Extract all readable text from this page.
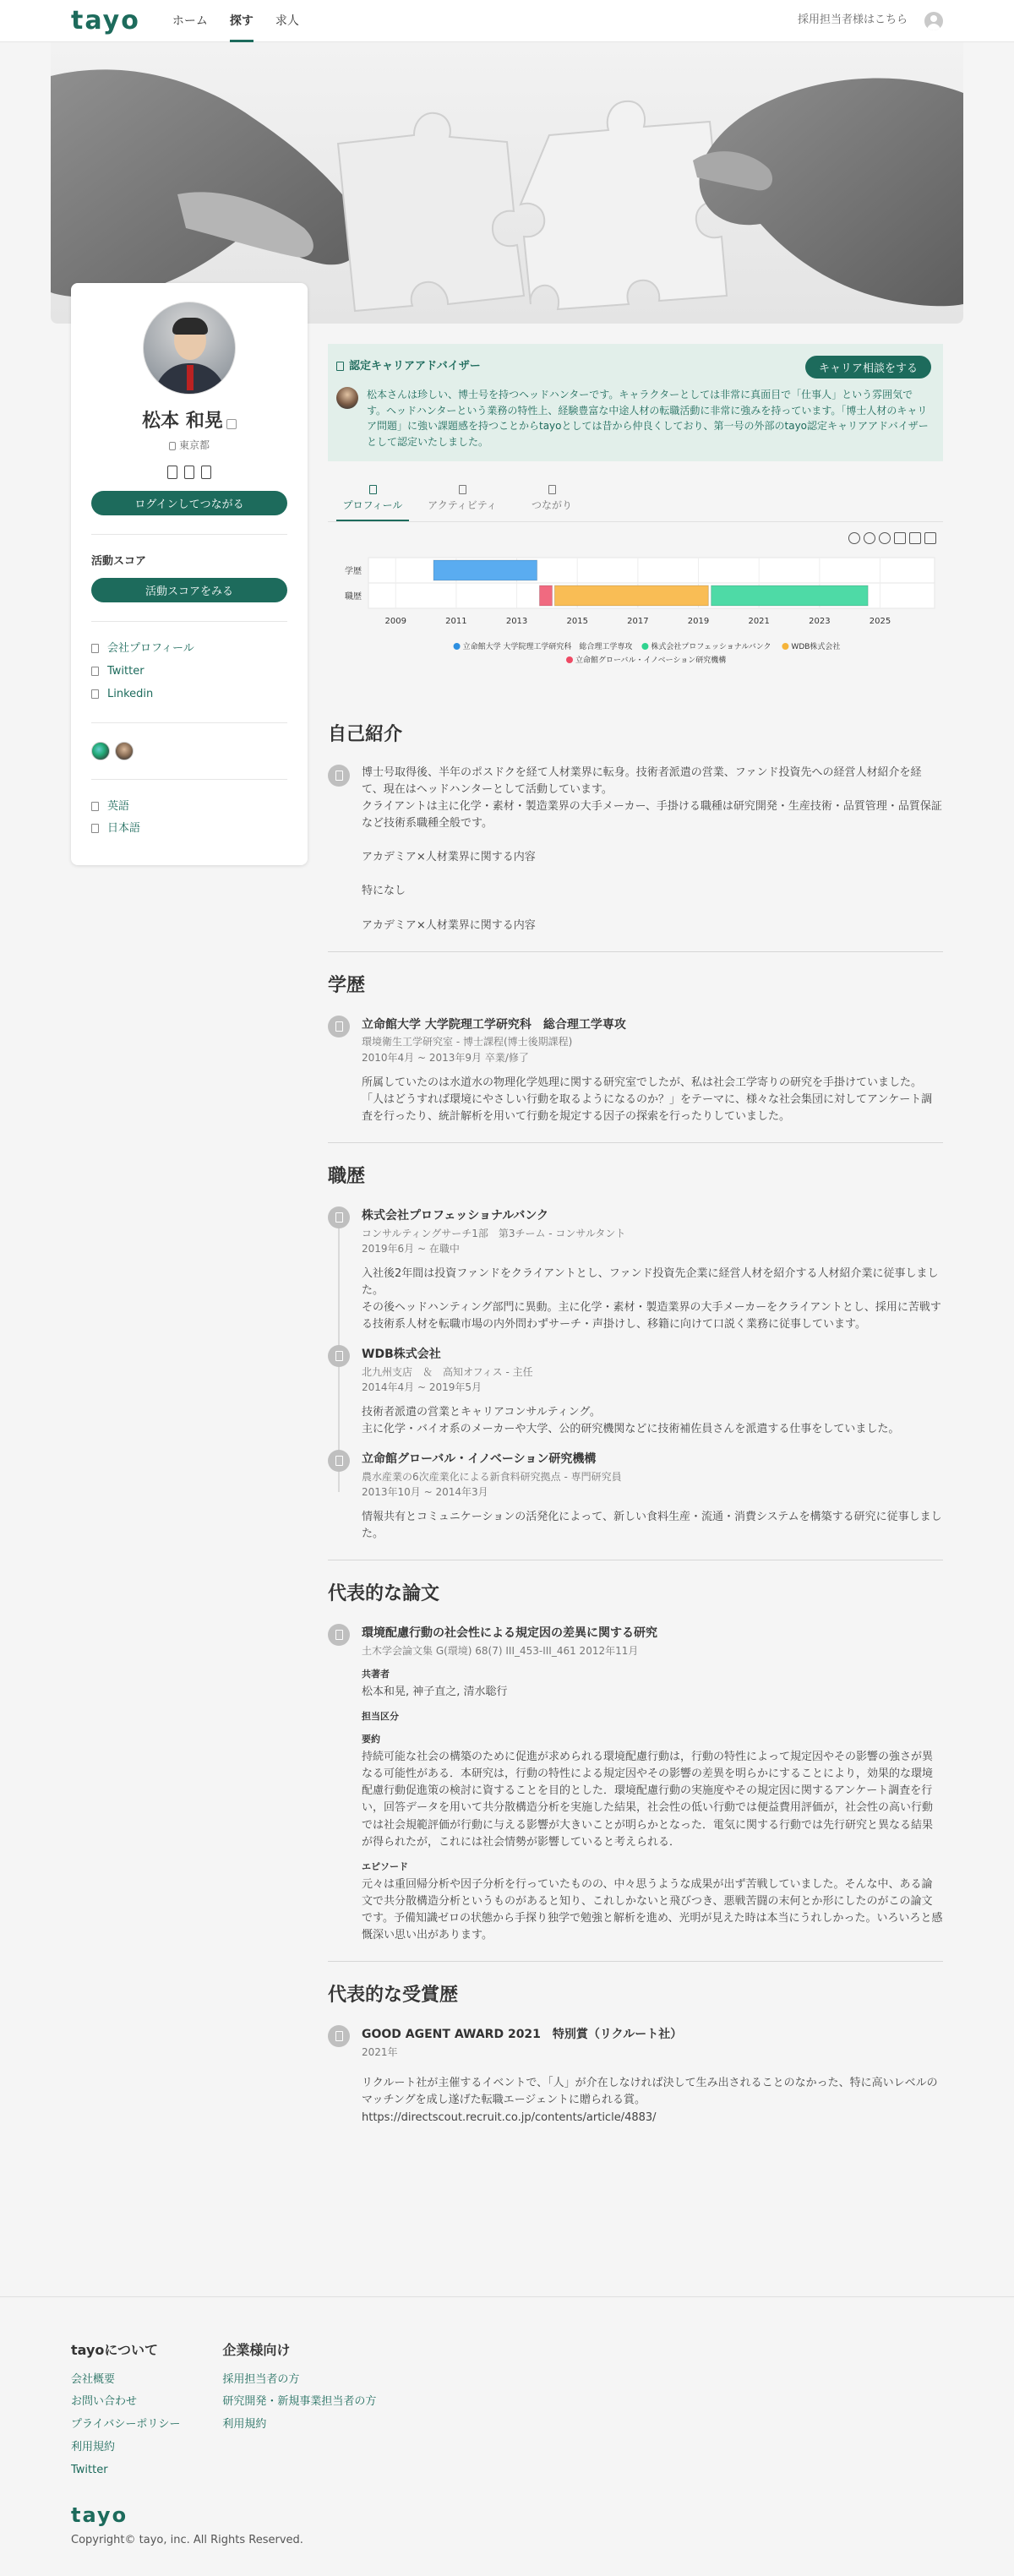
tayo	ホーム 探す 求人	採用担当者様はこちら
松本 和晃
東京都
ログインしてつながる
活動スコア
活動スコアをみる
会社プロフィール
Twitter
Linkedin
英語
日本語
認定キャリアアドバイザー	キャリア相談をする

松本さんは珍しい、博士号を持つヘッドハンターです。キャラクターとしては非常に真面目で「仕事人」という雰囲気です。ヘッドハンターという業務の特性上、経験豊富な中途人材の転職活動に非常に強みを持っています。「博士人材のキャリア問題」に強い課題感を持つことからtayoとしては昔から仲良くしており、第一号の外部のtayo認定キャリアアドバイザーとして認定いたしました。

プロフィール	アクティビティ	つながり
学歴
職歴
2009	2011	2013	2015	2017	2019	2021	2023	2025
立命館大学 大学院理工学研究科　総合理工学専攻 株式会社プロフェッショナルバンク	WDB株式会社
立命館グローバル・イノベーション研究機構
自己紹介

博士号取得後、半年のポスドクを経て人材業界に転身。技術者派遣の営業、ファンド投資先への経営人材紹介を経て、現在はヘッドハンターとして活動しています。
クライアントは主に化学・素材・製造業界の大手メーカー、手掛ける職種は研究開発・生産技術・品質管理・品質保証など技術系職種全般です。

アカデミア×人材業界に関する内容

特になし

アカデミア×人材業界に関する内容

学歴
立命館大学 大学院理工学研究科　総合理工学専攻
環境衛生工学研究室 - 博士課程(博士後期課程)
2010年4月 ~ 2013年9月 卒業/修了

所属していたのは水道水の物理化学処理に関する研究室でしたが、私は社会工学寄りの研究を手掛けていました。
「人はどうすれば環境にやさしい行動を取るようになるのか？」をテーマに、様々な社会集団に対してアンケート調査を行ったり、統計解析を用いて行動を規定する因子の探索を行ったりしていました。

職歴
株式会社プロフェッショナルバンク
コンサルティングサーチ1部　第3チーム - コンサルタント
2019年6月 ~ 在職中

入社後2年間は投資ファンドをクライアントとし、ファンド投資先企業に経営人材を紹介する人材紹介業に従事しました。
その後ヘッドハンティング部門に異動。主に化学・素材・製造業界の大手メーカーをクライアントとし、採用に苦戦する技術系人材を転職市場の内外問わずサーチ・声掛けし、移籍に向けて口説く業務に従事しています。

WDB株式会社
北九州支店　＆　高知オフィス - 主任
2014年4月 ~ 2019年5月

技術者派遣の営業とキャリアコンサルティング。
主に化学・バイオ系のメーカーや大学、公的研究機関などに技術補佐員さんを派遣する仕事をしていました。

立命館グローバル・イノベーション研究機構
農水産業の6次産業化による新食料研究拠点 - 専門研究員
2013年10月 ~ 2014年3月

情報共有とコミュニケーションの活発化によって、新しい食料生産・流通・消費システムを構築する研究に従事しました。

代表的な論文
環境配慮行動の社会性による規定因の差異に関する研究
土木学会論文集 G(環境) 68(7) III_453-III_461 2012年11月
共著者
松本和晃, 神子直之, 清水聡行
担当区分
要約

持続可能な社会の構築のために促進が求められる環境配慮行動は，行動の特性によって規定因やその影響の強さが異なる可能性がある．本研究は，行動の特性による規定因やその影響の差異を明らかにすることにより，効果的な環境配慮行動促進策の検討に資することを目的とした．環境配慮行動の実施度やその規定因に関するアンケート調査を行い，回答データを用いて共分散構造分析を実施した結果，社会性の低い行動では便益費用評価が，社会性の高い行動では社会規範評価が行動に与える影響が大きいことが明らかとなった．電気に関する行動では先行研究と異なる結果が得られたが，これには社会情勢が影響していると考えられる．

エピソード

元々は重回帰分析や因子分析を行っていたものの、中々思うような成果が出ず苦戦していました。そんな中、ある論文で共分散構造分析というものがあると知り、これしかないと飛びつき、悪戦苦闘の末何とか形にしたのがこの論文です。予備知識ゼロの状態から手探り独学で勉強と解析を進め、光明が見えた時は本当にうれしかった。いろいろと感慨深い思い出があります。

代表的な受賞歴
GOOD AGENT AWARD 2021　特別賞（リクルート社）
2021年

リクルート社が主催するイベントで、「人」が介在しなければ決して生み出されることのなかった、特に高いレベルのマッチングを成し遂げた転職エージェントに贈られる賞。

https://directscout.recruit.co.jp/contents/article/4883/
tayoについて
会社概要
お問い合わせ
プライバシーポリシー
利用規約
Twitter
企業様向け
採用担当者の方
研究開発・新規事業担当者の方
利用規約
tayo
Copyright© tayo, inc. All Rights Reserved.
